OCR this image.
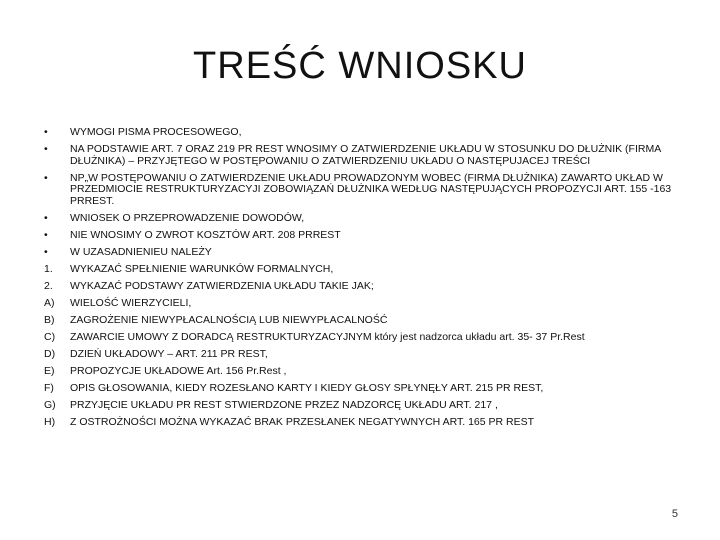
TREŚĆ WNIOSKU
•	WYMOGI PISMA PROCESOWEGO,
•	NA PODSTAWIE ART. 7 ORAZ 219 PR REST WNOSIMY O ZATWIERDZENIE UKŁADU W STOSUNKU DO DŁUŻNIK (FIRMA DŁUŻNIKA) – PRZYJĘTEGO W POSTĘPOWANIU O ZATWIERDZENIU UKŁADU O NASTĘPUJACEJ TREŚCI
•	NP„W POSTĘPOWANIU O ZATWIERDZENIE UKŁADU PROWADZONYM WOBEC (FIRMA DŁUŻNIKA) ZAWARTO UKŁAD W PRZEDMIOCIE RESTRUKTURYZACYJI ZOBOWIĄZAŃ DŁUŻNIKA WEDŁUG NASTĘPUJĄCYCH PROPOZYCJI ART. 155 -163 PRREST.
•	WNIOSEK O PRZEPROWADZENIE DOWODÓW,
•	NIE WNOSIMY O ZWROT KOSZTÓW ART. 208 PRREST
•	W UZASADNIENIEU NALEŻY
1.	WYKAZAĆ SPEŁNIENIE WARUNKÓW FORMALNYCH,
2.	WYKAZAĆ PODSTAWY ZATWIERDZENIA UKŁADU TAKIE JAK;
A)	WIELOŚĆ WIERZYCIELI,
B)	ZAGROŻENIE NIEWYPŁACALNOŚCIĄ LUB NIEWYPŁACALNOŚĆ
C)	ZAWARCIE UMOWY Z DORADCĄ RESTRUKTURYZACYJNYM który jest nadzorca układu art. 35- 37 Pr.Rest
D)	DZIEŃ UKŁADOWY – ART. 211 PR REST,
E)	PROPOZYCJE UKŁADOWE Art. 156 Pr.Rest ,
F)	OPIS GŁOSOWANIA, KIEDY ROZESŁANO KARTY I KIEDY GŁOSY SPŁYNĘŁY ART. 215 PR REST,
G)	PRZYJĘCIE UKŁADU PR REST STWIERDZONE PRZEZ NADZORCĘ UKŁADU ART. 217 ,
H)	Z OSTROŻNOŚCI MOŻNA WYKAZAĆ BRAK PRZESŁANEK NEGATYWNYCH ART. 165 PR REST
5
